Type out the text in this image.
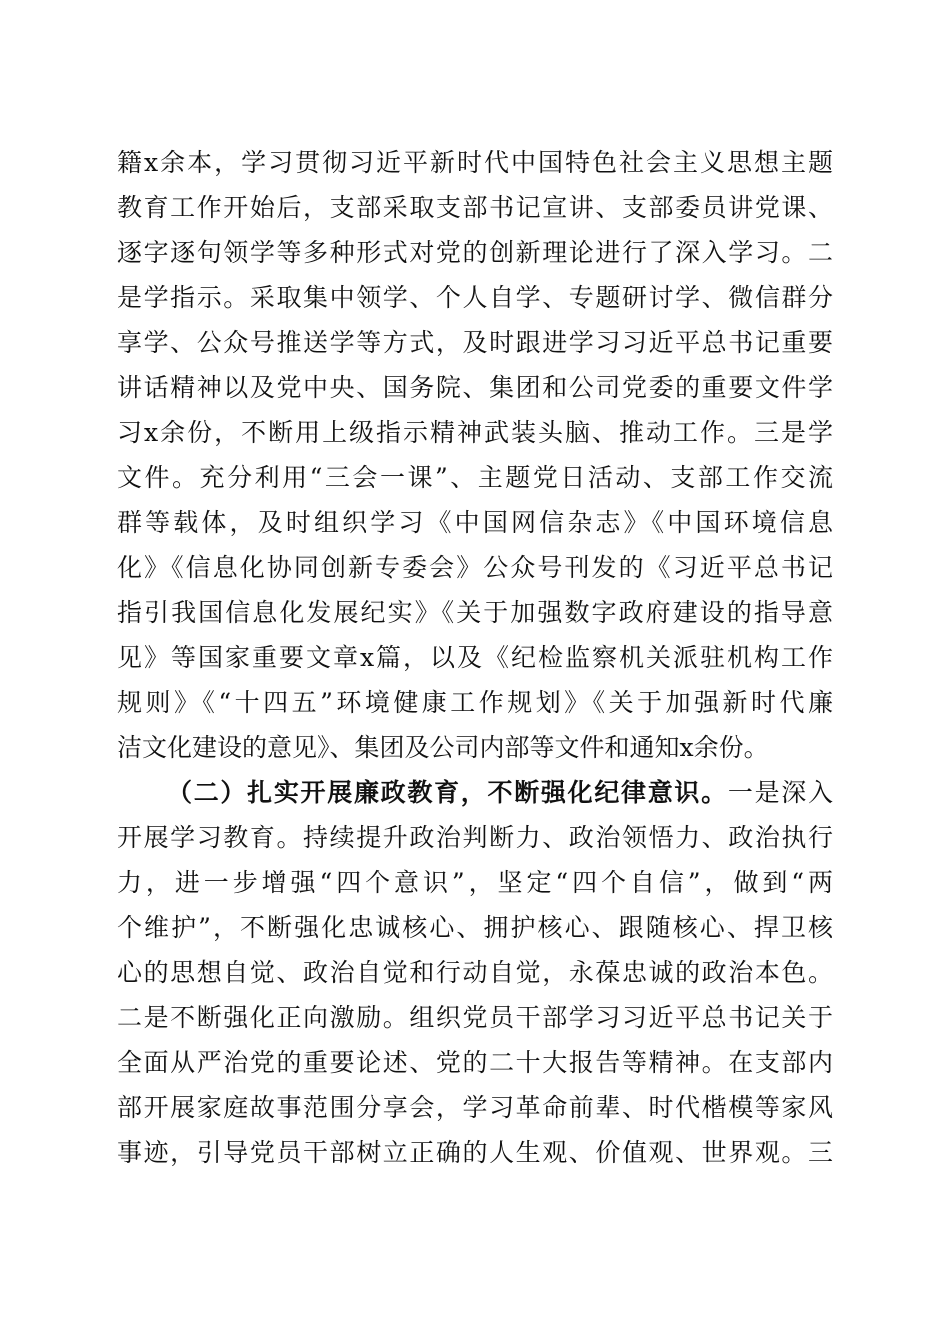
籍x余本，学习贯彻习近平新时代中国特色社会主义思想主题
教育工作开始后，支部采取支部书记宣讲、支部委员讲党课、
逐字逐句领学等多种形式对党的创新理论进行了深入学习。二
是学指示。采取集中领学、个人自学、专题研讨学、微信群分
享学、公众号推送学等方式，及时跟进学习习近平总书记重要
讲话精神以及党中央、国务院、集团和公司党委的重要文件学
习x余份，不断用上级指示精神武装头脑、推动工作。三是学
文件。充分利用“三会一课”、主题党日活动、支部工作交流
群等载体，及时组织学习《中国网信杂志》《中国环境信息
化》《信息化协同创新专委会》公众号刊发的《习近平总书记
指引我国信息化发展纪实》《关于加强数字政府建设的指导意
见》等国家重要文章x篇，以及《纪检监察机关派驻机构工作
规则》《“十四五”环境健康工作规划》《关于加强新时代廉
洁文化建设的意见》、集团及公司内部等文件和通知x余份。
（二）扎实开展廉政教育，不断强化纪律意识。一是深入
开展学习教育。持续提升政治判断力、政治领悟力、政治执行
力，进一步增强“四个意识”，坚定“四个自信”，做到“两
个维护”，不断强化忠诚核心、拥护核心、跟随核心、捍卫核
心的思想自觉、政治自觉和行动自觉，永葆忠诚的政治本色。
二是不断强化正向激励。组织党员干部学习习近平总书记关于
全面从严治党的重要论述、党的二十大报告等精神。在支部内
部开展家庭故事范围分享会，学习革命前辈、时代楷模等家风
事迹，引导党员干部树立正确的人生观、价值观、世界观。三
